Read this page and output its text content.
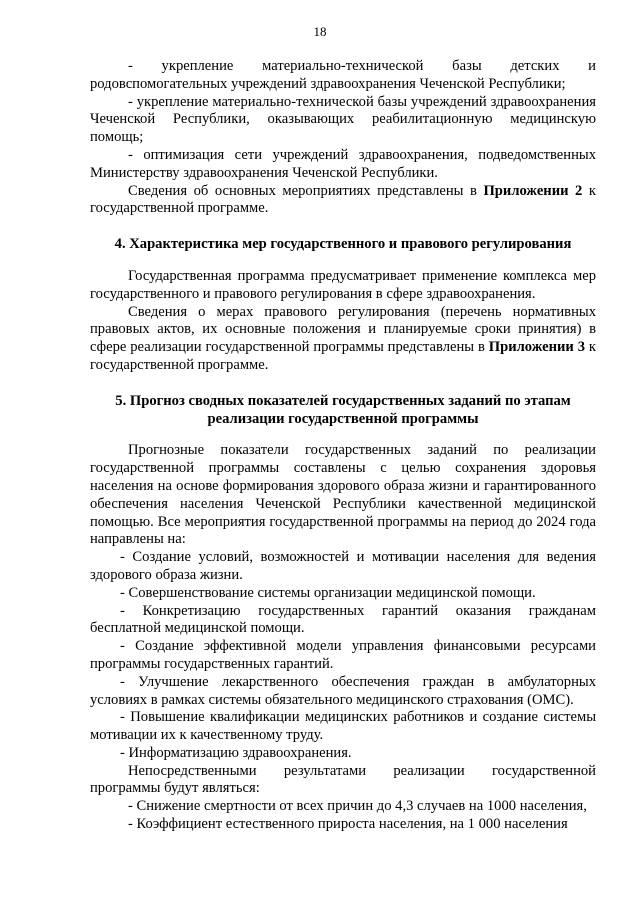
18

- укрепление материально-технической базы детских и родовспомогательных учреждений здравоохранения Чеченской Республики;

- укрепление материально-технической базы учреждений здравоохранения Чеченской Республики, оказывающих реабилитационную медицинскую помощь;

- оптимизация сети учреждений здравоохранения, подведомственных Министерству здравоохранения Чеченской Республики.

Сведения об основных мероприятиях представлены в Приложении 2 к государственной программе.

4. Характеристика мер государственного и правового регулирования

Государственная программа предусматривает применение комплекса мер государственного и правового регулирования в сфере здравоохранения.

Сведения о мерах правового регулирования (перечень нормативных правовых актов, их основные положения и планируемые сроки принятия) в сфере реализации государственной программы представлены в Приложении 3 к государственной программе.

5. Прогноз сводных показателей государственных заданий по этапам реализации государственной программы

Прогнозные показатели государственных заданий по реализации государственной программы составлены с целью сохранения здоровья населения на основе формирования здорового образа жизни и гарантированного обеспечения населения Чеченской Республики качественной медицинской помощью. Все мероприятия государственной программы на период до 2024 года направлены на:

- Создание условий, возможностей и мотивации населения для ведения здорового образа жизни.

- Совершенствование системы организации медицинской помощи.

- Конкретизацию государственных гарантий оказания гражданам бесплатной медицинской помощи.

- Создание эффективной модели управления финансовыми ресурсами программы государственных гарантий.

- Улучшение лекарственного обеспечения граждан в амбулаторных условиях в рамках системы обязательного медицинского страхования (ОМС).

- Повышение квалификации медицинских работников и создание системы мотивации их к качественному труду.

- Информатизацию здравоохранения.

Непосредственными результатами реализации государственной программы будут являться:

- Снижение смертности от всех причин до 4,3 случаев на 1000 населения,

- Коэффициент естественного прироста населения, на 1 000 населения
